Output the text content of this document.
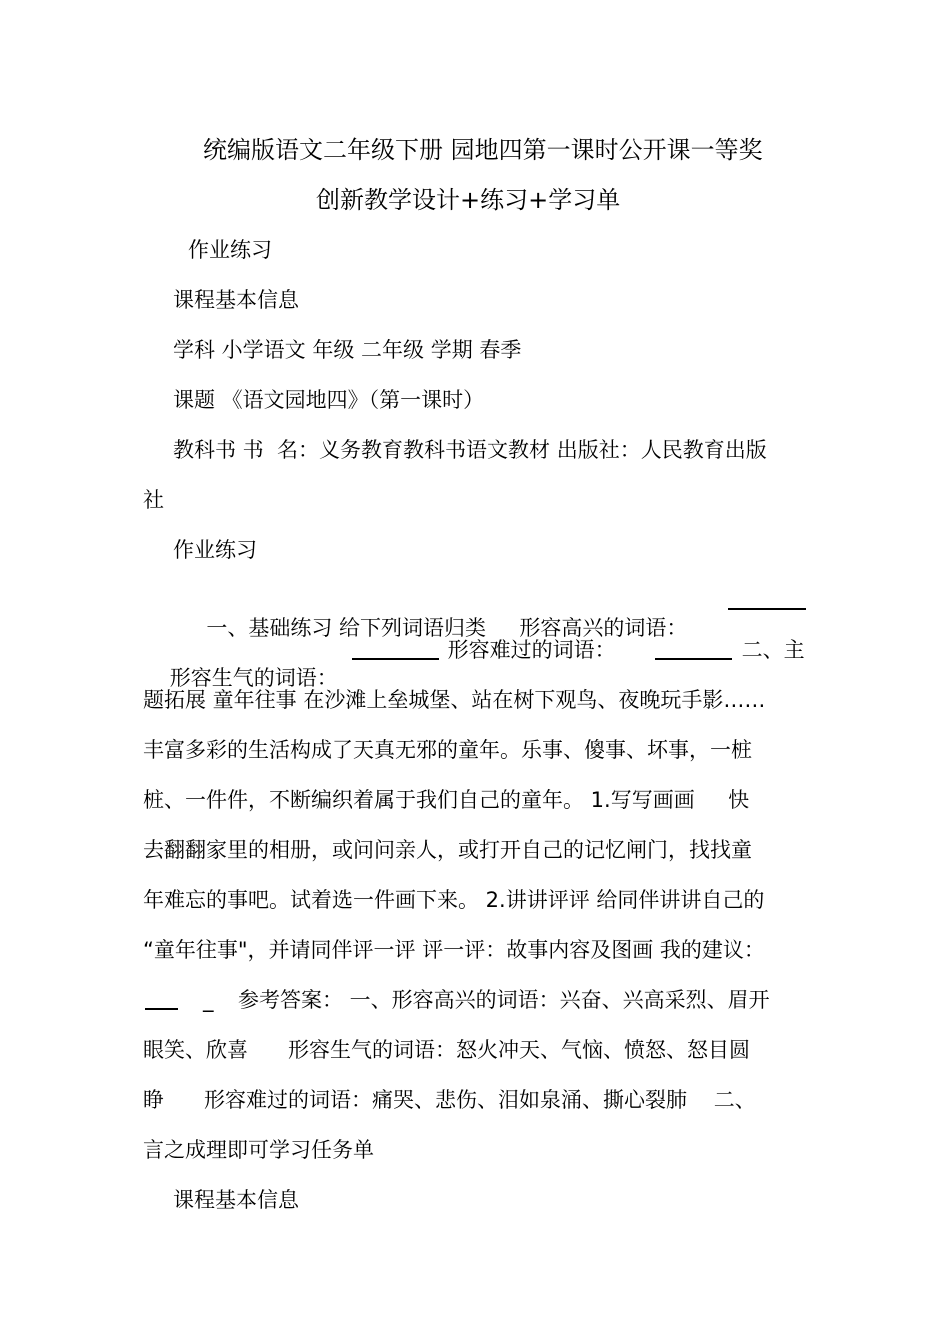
统编版语文二年级下册 园地四第一课时公开课一等奖
创新教学设计+练习+学习单
作业练习
课程基本信息
学科 小学语文 年级 二年级 学期 春季
课题 《语文园地四》（第一课时）
教科书 书  名：义务教育教科书语文教材 出版社：人民教育出版
社
作业练习

一、基础练习 给下列词语归类     形容高兴的词语：

形容生气的词语：

形容难过的词语：	二、主
题拓展 童年往事 在沙滩上垒城堡、站在树下观鸟、夜晚玩手影……
丰富多彩的生活构成了天真无邪的童年。乐事、傻事、坏事，一桩
桩、一件件，不断编织着属于我们自己的童年。 1.写写画画     快
去翻翻家里的相册，或问问亲人，或打开自己的记忆闸门，找找童
年难忘的事吧。试着选一件画下来。 2.讲讲评评 给同伴讲讲自己的
“童年往事"，并请同伴评一评 评一评：故事内容及图画 我的建议：
_ 参考答案： 一、形容高兴的词语：兴奋、兴高采烈、眉开
眼笑、欣喜      形容生气的词语：怒火冲天、气恼、愤怒、怒目圆
睁      形容难过的词语：痛哭、悲伤、泪如泉涌、撕心裂肺    二、
言之成理即可学习任务单
课程基本信息
